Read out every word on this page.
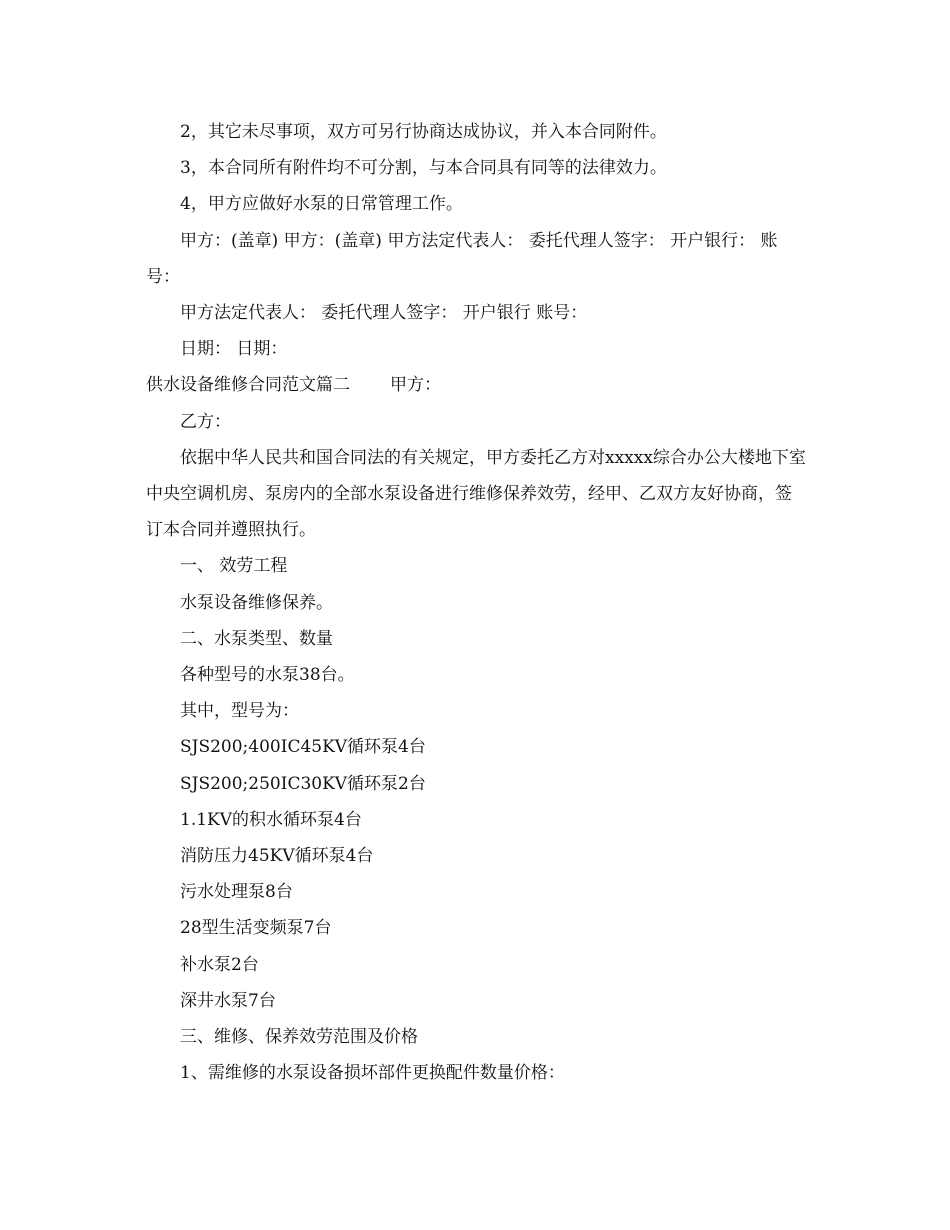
2，其它未尽事项，双方可另行协商达成协议，并入本合同附件。

3，本合同所有附件均不可分割，与本合同具有同等的法律效力。

4，甲方应做好水泵的日常管理工作。

甲方：(盖章) 甲方：(盖章) 甲方法定代表人： 委托代理人签字： 开户银行： 账号：

甲方法定代表人： 委托代理人签字： 开户银行 账号：

日期： 日期：

供水设备维修合同范文篇二 甲方：

乙方：

依据中华人民共和国合同法的有关规定，甲方委托乙方对xxxxx综合办公大楼地下室中央空调机房、泵房内的全部水泵设备进行维修保养效劳，经甲、乙双方友好协商，签订本合同并遵照执行。

一、 效劳工程

水泵设备维修保养。

二、水泵类型、数量

各种型号的水泵38台。

其中，型号为：

SJS200;400IC45KV循环泵4台

SJS200;250IC30KV循环泵2台

1.1KV的积水循环泵4台

消防压力45KV循环泵4台

污水处理泵8台

28型生活变频泵7台

补水泵2台

深井水泵7台

三、维修、保养效劳范围及价格

1、需维修的水泵设备损坏部件更换配件数量价格：
